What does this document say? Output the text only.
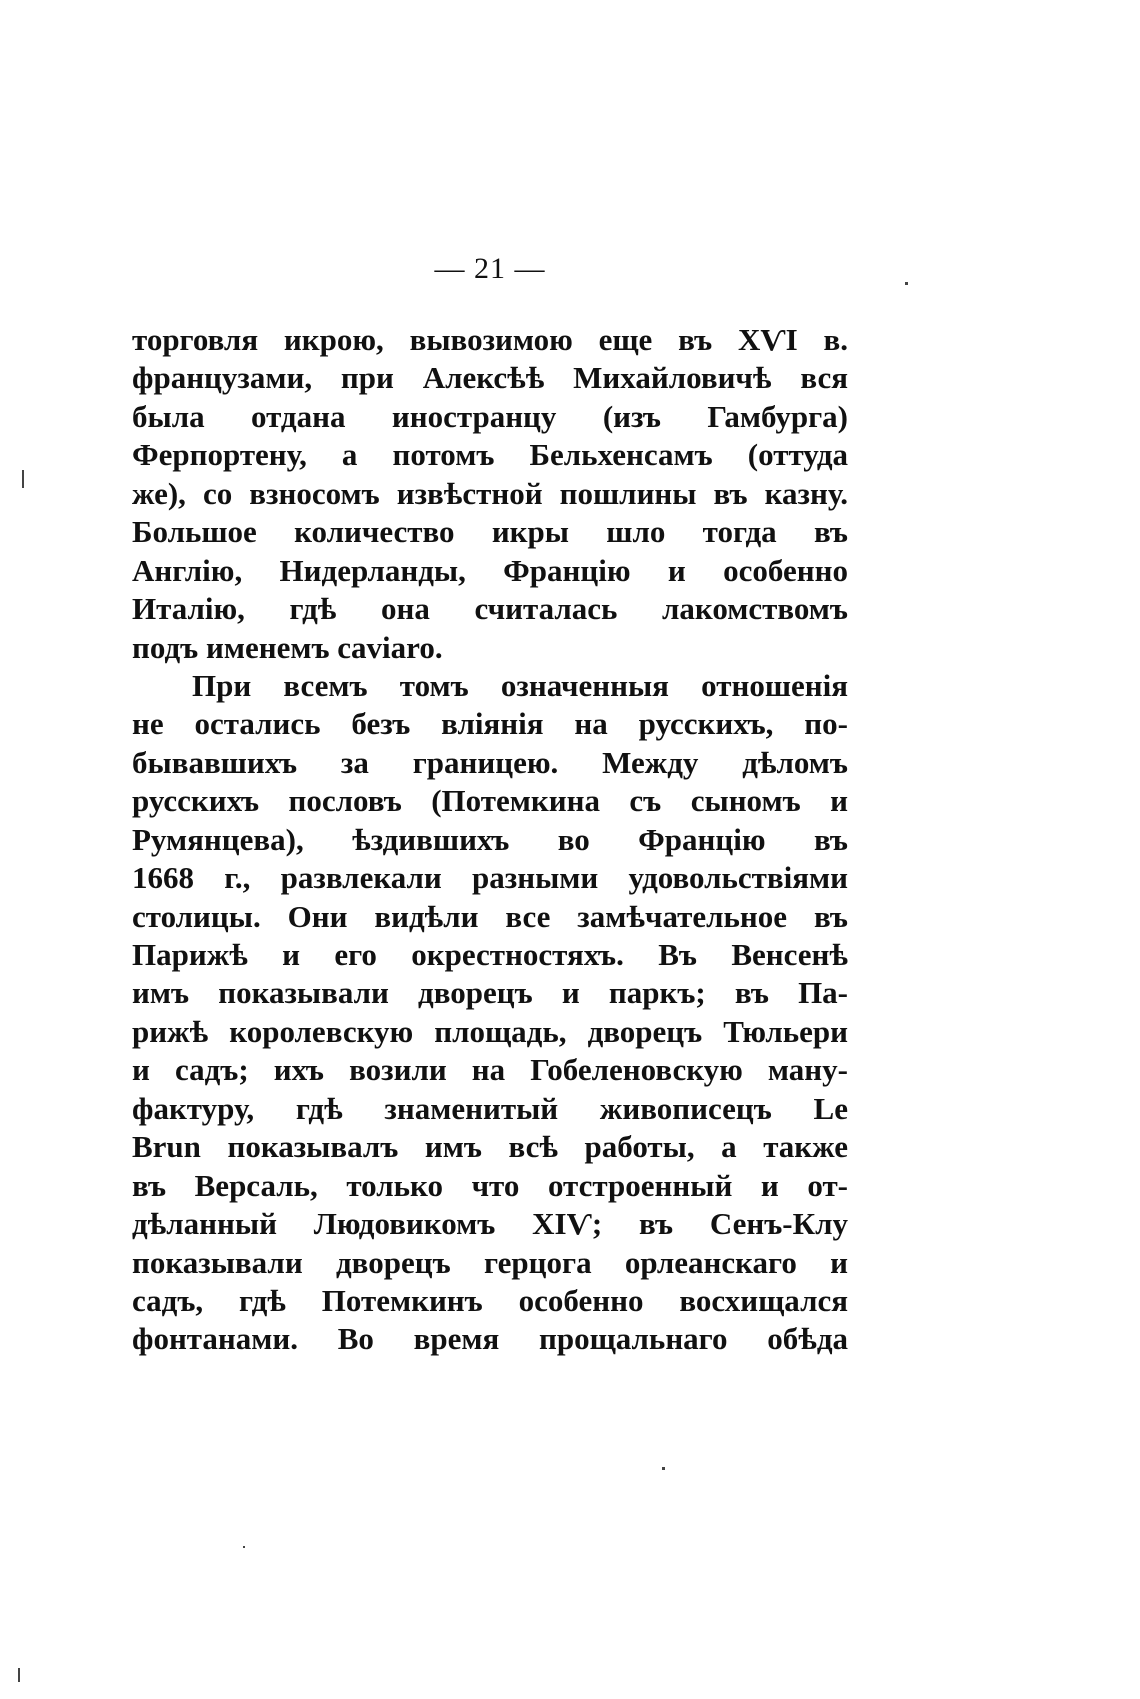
— 21 —
торговля икрою, вывозимою еще въ XѴI в.
французами, при Алексѣѣ Михайловичѣ вся
была отдана иностранцу (изъ Гамбурга)
Ферпортену, а потомъ Бельхенсамъ (оттуда
же), со взносомъ извѣстной пошлины въ казну.
Большое количество икры шло тогда въ
Англію, Нидерланды, Францію и особенно
Италію, гдѣ она считалась лакомствомъ
подъ именемъ caviaro.
При всемъ томъ означенныя отношенія
не остались безъ вліянія на русскихъ, по-
бывавшихъ за границею. Между дѣломъ
русскихъ пословъ (Потемкина съ сыномъ и
Румянцева), ѣздившихъ во Францію въ
1668 г., развлекали разными удовольствіями
столицы. Они видѣли все замѣчательное въ
Парижѣ и его окрестностяхъ. Въ Венсенѣ
имъ показывали дворецъ и паркъ; въ Па-
рижѣ королевскую площадь, дворецъ Тюльери
и садъ; ихъ возили на Гобеленовскую ману-
фактуру, гдѣ знаменитый живописецъ Le
Brun показывалъ имъ всѣ работы, а также
въ Версаль, только что отстроенный и от-
дѣланный Людовикомъ XIѴ; въ Сенъ-Клу
показывали дворецъ герцога орлеанскаго и
садъ, гдѣ Потемкинъ особенно восхищался
фонтанами. Во время прощальнаго обѣда
